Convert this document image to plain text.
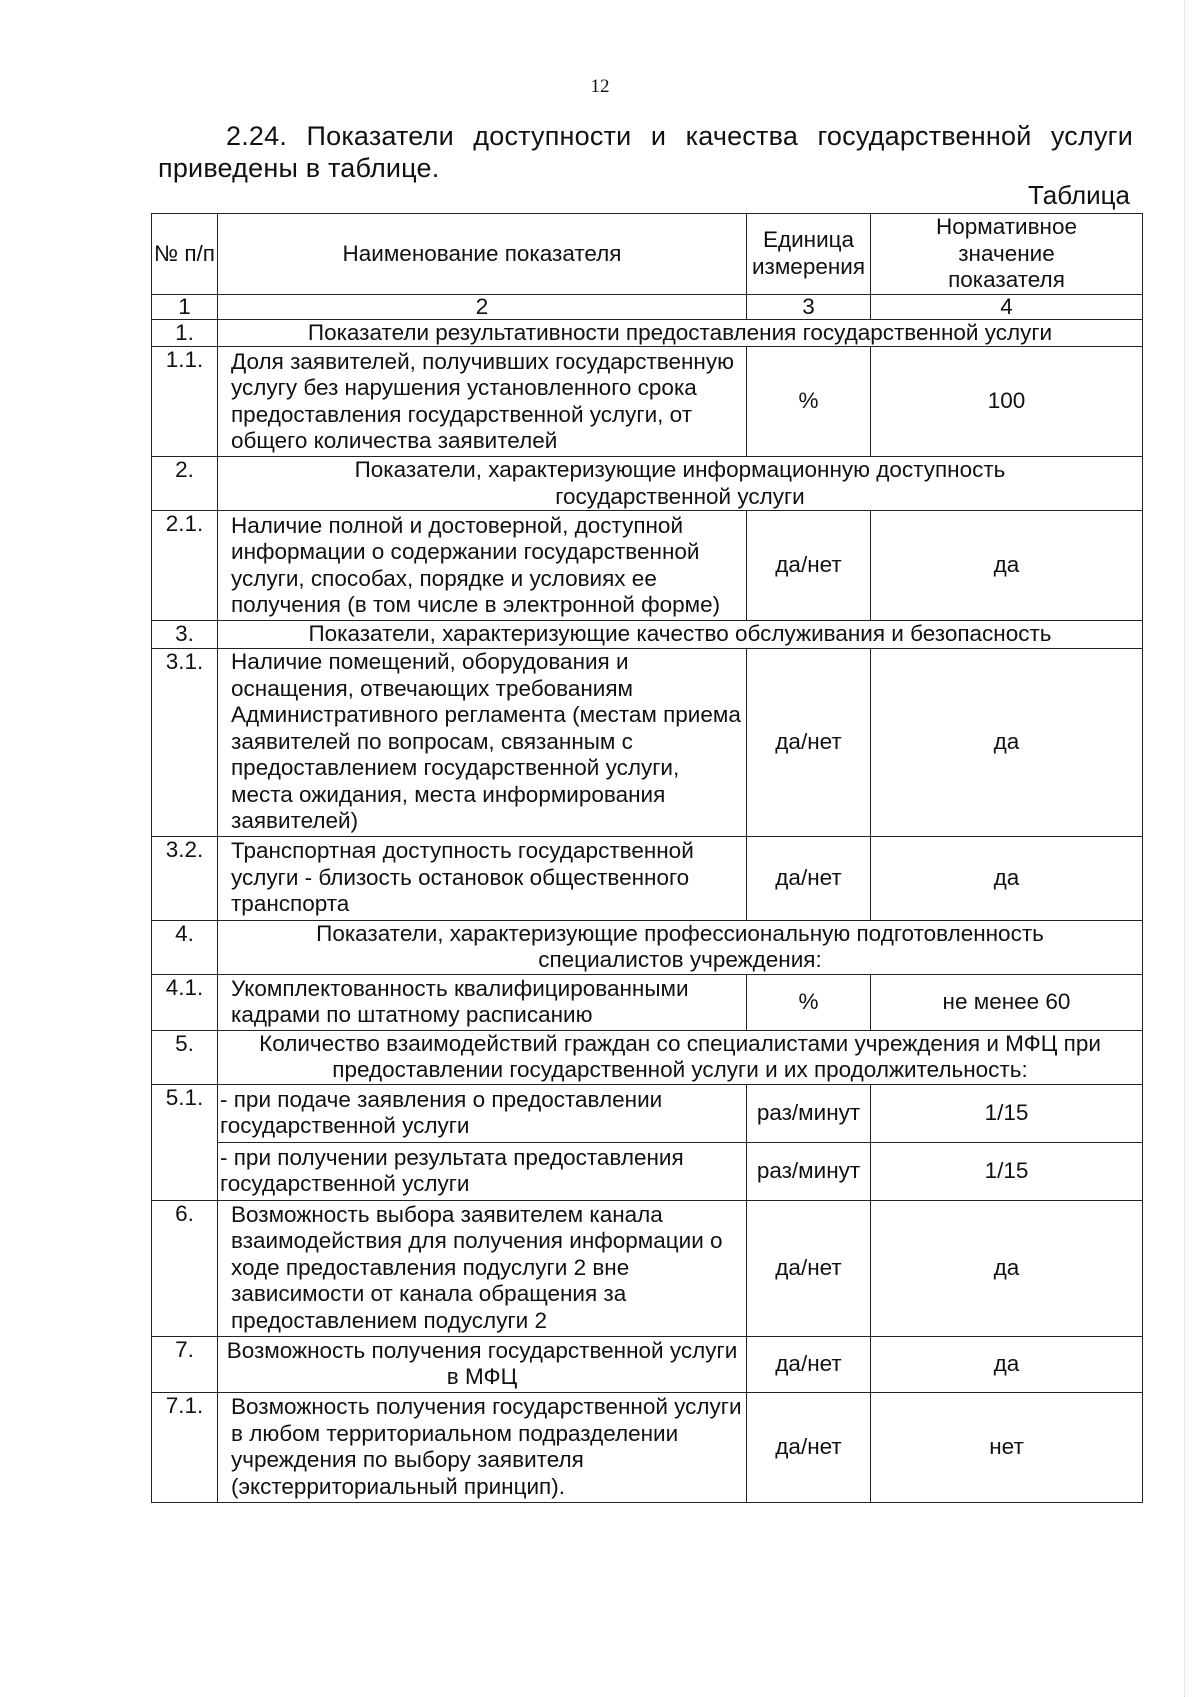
12
2.24. Показатели доступности и качества государственной услуги приведены в таблице.
Таблица
№ п/п	Наименование показателя	Единица измерения	Нормативное значение показателя
1	2	3	4
1.	Показатели результативности предоставления государственной услуги		
1.1.	Доля заявителей, получивших государственную услугу без нарушения установленного срока предоставления государственной услуги, от общего количества заявителей	%	100
2.	Показатели, характеризующие информационную доступность государственной услуги		
2.1.	Наличие полной и достоверной, доступной информации о содержании государственной услуги, способах, порядке и условиях ее получения (в том числе в электронной форме)	да/нет	да
3.	Показатели, характеризующие качество обслуживания и безопасность		
3.1.	Наличие помещений, оборудования и оснащения, отвечающих требованиям Административного регламента (местам приема заявителей по вопросам, связанным с предоставлением государственной услуги, места ожидания, места информирования заявителей)	да/нет	да
3.2.	Транспортная доступность государственной услуги - близость остановок общественного транспорта	да/нет	да
4.	Показатели, характеризующие профессиональную подготовленность специалистов учреждения:		
4.1.	Укомплектованность квалифицированными кадрами по штатному расписанию	%	не менее 60
5.	Количество взаимодействий граждан со специалистами учреждения и МФЦ при предоставлении государственной услуги и их продолжительность:		
5.1.	- при подаче заявления о предоставлении государственной услуги	раз/минут	1/15
	- при получении результата предоставления государственной услуги	раз/минут	1/15
6.	Возможность выбора заявителем канала взаимодействия для получения информации о ходе предоставления подуслуги 2 вне зависимости от канала обращения за предоставлением подуслуги 2	да/нет	да
7.	Возможность получения государственной услуги в МФЦ	да/нет	да
7.1.	Возможность получения государственной услуги в любом территориальном подразделении учреждения по выбору заявителя (экстерриториальный принцип).	да/нет	нет
